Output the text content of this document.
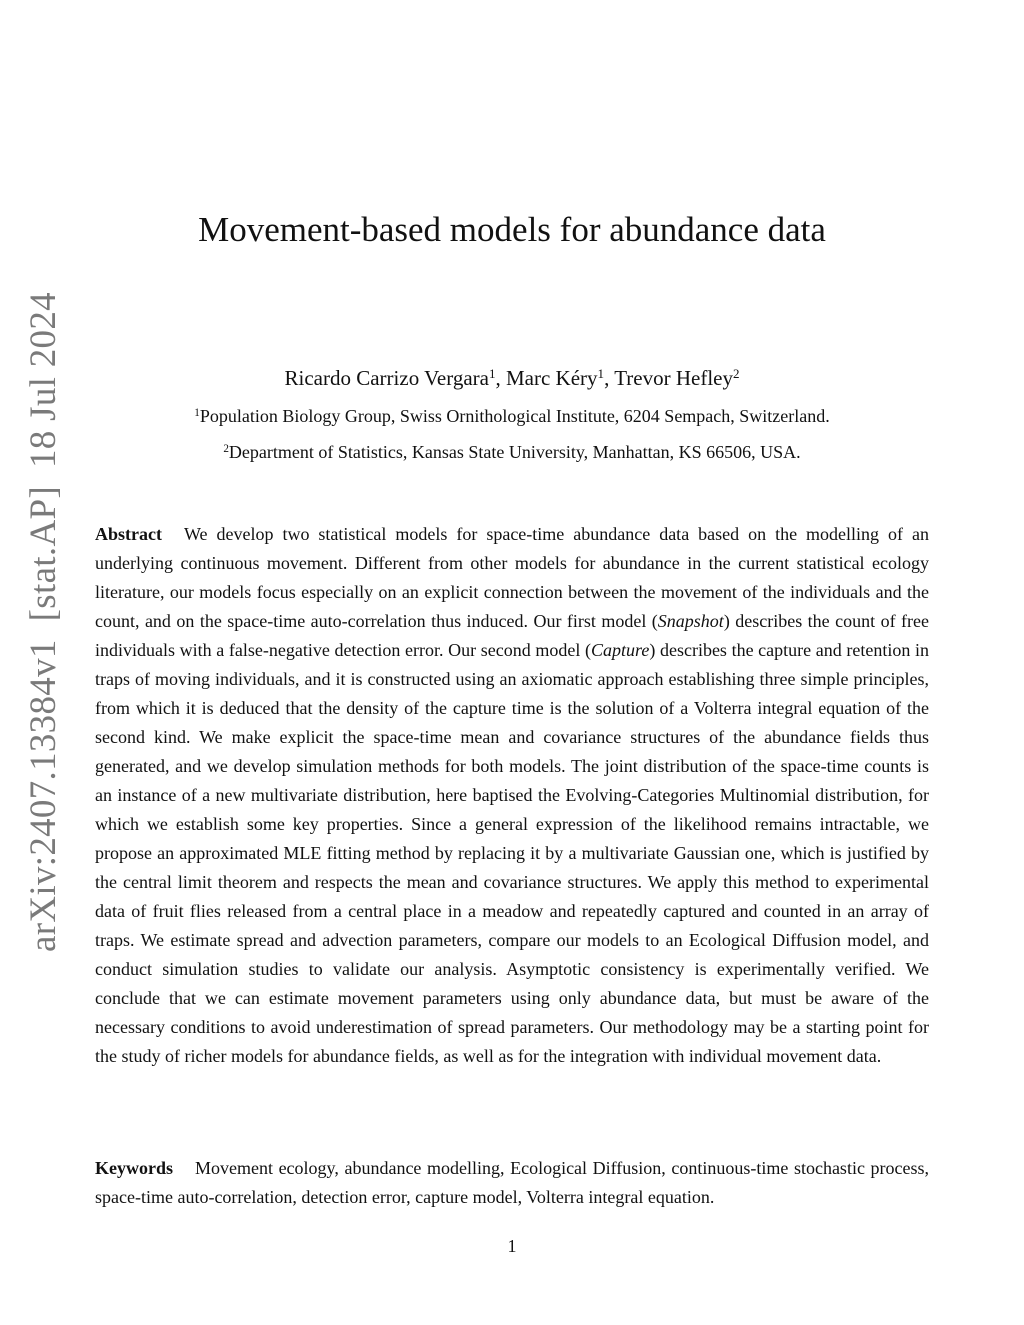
arXiv:2407.13384v1[stat.AP]18 Jul 2024
Movement-based models for abundance data

Ricardo Carrizo Vergara$^1$, Marc Kéry$^1$, Trevor Hefley$^2$

$^1$Population Biology Group, Swiss Ornithological Institute, 6204 Sempach, Switzerland.

$^2$Department of Statistics, Kansas State University, Manhattan, KS 66506, USA.

Abstract We develop two statistical models for space-time abundance data based on the modelling of an underlying continuous movement. Different from other models for abundance in the current statistical ecology literature, our models focus especially on an explicit connection between the movement of the individuals and the count, and on the space-time auto-correlation thus induced. Our first model (Snapshot) describes the count of free individuals with a false-negative detection error. Our second model (Capture) describes the capture and retention in traps of moving individuals, and it is constructed using an axiomatic approach establishing three simple principles, from which it is deduced that the density of the capture time is the solution of a Volterra integral equation of the second kind. We make explicit the space-time mean and covariance structures of the abundance fields thus generated, and we develop simulation methods for both models. The joint distribution of the space-time counts is an instance of a new multivariate distribution, here baptised the Evolving-Categories Multinomial distribution, for which we establish some key properties. Since a general expression of the likelihood remains intractable, we propose an approximated MLE fitting method by replacing it by a multivariate Gaussian one, which is justified by the central limit theorem and respects the mean and covariance structures. We apply this method to experimental data of fruit flies released from a central place in a meadow and repeatedly captured and counted in an array of traps. We estimate spread and advection parameters, compare our models to an Ecological Diffusion model, and conduct simulation studies to validate our analysis. Asymptotic consistency is experimentally verified. We conclude that we can estimate movement parameters using only abundance data, but must be aware of the necessary conditions to avoid underestimation of spread parameters. Our methodology may be a starting point for the study of richer models for abundance fields, as well as for the integration with individual movement data.

Keywords Movement ecology, abundance modelling, Ecological Diffusion, continuous-time stochastic process, space-time auto-correlation, detection error, capture model, Volterra integral equation.

1
